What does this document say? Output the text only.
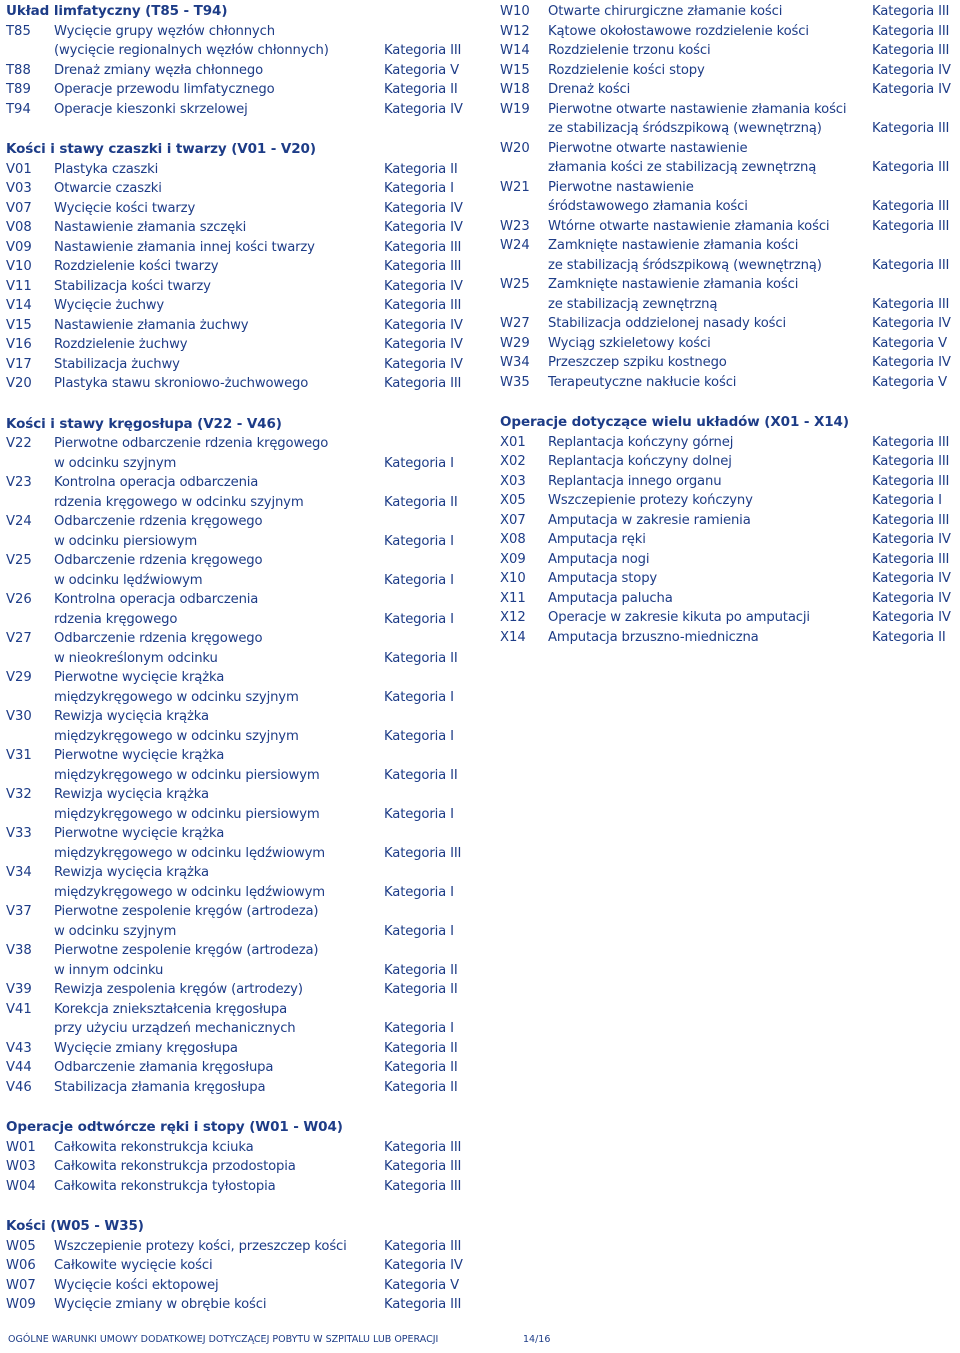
Układ limfatyczny (T85 - T94)
T85	Wycięcie grupy węzłów chłonnych
(wycięcie regionalnych węzłów chłonnych)	Kategoria III
T88	Drenaż zmiany węzła chłonnego	Kategoria V
T89	Operacje przewodu limfatycznego	Kategoria II
T94	Operacje kieszonki skrzelowej	Kategoria IV
Kości i stawy czaszki i twarzy (V01 - V20)
V01	Plastyka czaszki	Kategoria II
V03	Otwarcie czaszki	Kategoria I
V07	Wycięcie kości twarzy	Kategoria IV
V08	Nastawienie złamania szczęki	Kategoria IV
V09	Nastawienie złamania innej kości twarzy	Kategoria III
V10	Rozdzielenie kości twarzy	Kategoria III
V11	Stabilizacja kości twarzy	Kategoria IV
V14	Wycięcie żuchwy	Kategoria III
V15	Nastawienie złamania żuchwy	Kategoria IV
V16	Rozdzielenie żuchwy	Kategoria IV
V17	Stabilizacja żuchwy	Kategoria IV
V20	Plastyka stawu skroniowo-żuchwowego	Kategoria III
Kości i stawy kręgosłupa (V22 - V46)
V22	Pierwotne odbarczenie rdzenia kręgowego
w odcinku szyjnym	Kategoria I
V23	Kontrolna operacja odbarczenia
rdzenia kręgowego w odcinku szyjnym	Kategoria II
V24	Odbarczenie rdzenia kręgowego
w odcinku piersiowym	Kategoria I
V25	Odbarczenie rdzenia kręgowego
w odcinku lędźwiowym	Kategoria I
V26	Kontrolna operacja odbarczenia
rdzenia kręgowego	Kategoria I
V27	Odbarczenie rdzenia kręgowego
w nieokreślonym odcinku	Kategoria II
V29	Pierwotne wycięcie krążka
międzykręgowego w odcinku szyjnym	Kategoria I
V30	Rewizja wycięcia krążka
międzykręgowego w odcinku szyjnym	Kategoria I
V31	Pierwotne wycięcie krążka
międzykręgowego w odcinku piersiowym	Kategoria II
V32	Rewizja wycięcia krążka
międzykręgowego w odcinku piersiowym	Kategoria I
V33	Pierwotne wycięcie krążka
międzykręgowego w odcinku lędźwiowym	Kategoria III
V34	Rewizja wycięcia krążka
międzykręgowego w odcinku lędźwiowym	Kategoria I
V37	Pierwotne zespolenie kręgów (artrodeza)
w odcinku szyjnym	Kategoria I
V38	Pierwotne zespolenie kręgów (artrodeza)
w innym odcinku	Kategoria II
V39	Rewizja zespolenia kręgów (artrodezy)	Kategoria II
V41	Korekcja zniekształcenia kręgosłupa
przy użyciu urządzeń mechanicznych	Kategoria I
V43	Wycięcie zmiany kręgosłupa	Kategoria II
V44	Odbarczenie złamania kręgosłupa	Kategoria II
V46	Stabilizacja złamania kręgosłupa	Kategoria II
Operacje odtwórcze ręki i stopy (W01 - W04)
W01	Całkowita rekonstrukcja kciuka	Kategoria III
W03	Całkowita rekonstrukcja przodostopia	Kategoria III
W04	Całkowita rekonstrukcja tyłostopia	Kategoria III
Kości (W05 - W35)
W05	Wszczepienie protezy kości, przeszczep kości	Kategoria III
W06	Całkowite wycięcie kości	Kategoria IV
W07	Wycięcie kości ektopowej	Kategoria V
W09	Wycięcie zmiany w obrębie kości	Kategoria III
W10	Otwarte chirurgiczne złamanie kości	Kategoria III
W12	Kątowe okołostawowe rozdzielenie kości	Kategoria III
W14	Rozdzielenie trzonu kości	Kategoria III
W15	Rozdzielenie kości stopy	Kategoria IV
W18	Drenaż kości	Kategoria IV
W19	Pierwotne otwarte nastawienie złamania kości
ze stabilizacją śródszpikową (wewnętrzną)	Kategoria III
W20	Pierwotne otwarte nastawienie
złamania kości ze stabilizacją zewnętrzną	Kategoria III
W21	Pierwotne nastawienie
śródstawowego złamania kości	Kategoria III
W23	Wtórne otwarte nastawienie złamania kości	Kategoria III
W24	Zamknięte nastawienie złamania kości
ze stabilizacją śródszpikową (wewnętrzną)	Kategoria III
W25	Zamknięte nastawienie złamania kości
ze stabilizacją zewnętrzną	Kategoria III
W27	Stabilizacja oddzielonej nasady kości	Kategoria IV
W29	Wyciąg szkieletowy kości	Kategoria V
W34	Przeszczep szpiku kostnego	Kategoria IV
W35	Terapeutyczne nakłucie kości	Kategoria V
Operacje dotyczące wielu układów (X01 - X14)
X01	Replantacja kończyny górnej	Kategoria III
X02	Replantacja kończyny dolnej	Kategoria III
X03	Replantacja innego organu	Kategoria III
X05	Wszczepienie protezy kończyny	Kategoria I
X07	Amputacja w zakresie ramienia	Kategoria III
X08	Amputacja ręki	Kategoria IV
X09	Amputacja nogi	Kategoria III
X10	Amputacja stopy	Kategoria IV
X11	Amputacja palucha	Kategoria IV
X12	Operacje w zakresie kikuta po amputacji	Kategoria IV
X14	Amputacja brzuszno-miedniczna	Kategoria II
OGÓLNE WARUNKI UMOWY DODATKOWEJ DOTYCZĄCEJ POBYTU W SZPITALU LUB OPERACJI	14/16
